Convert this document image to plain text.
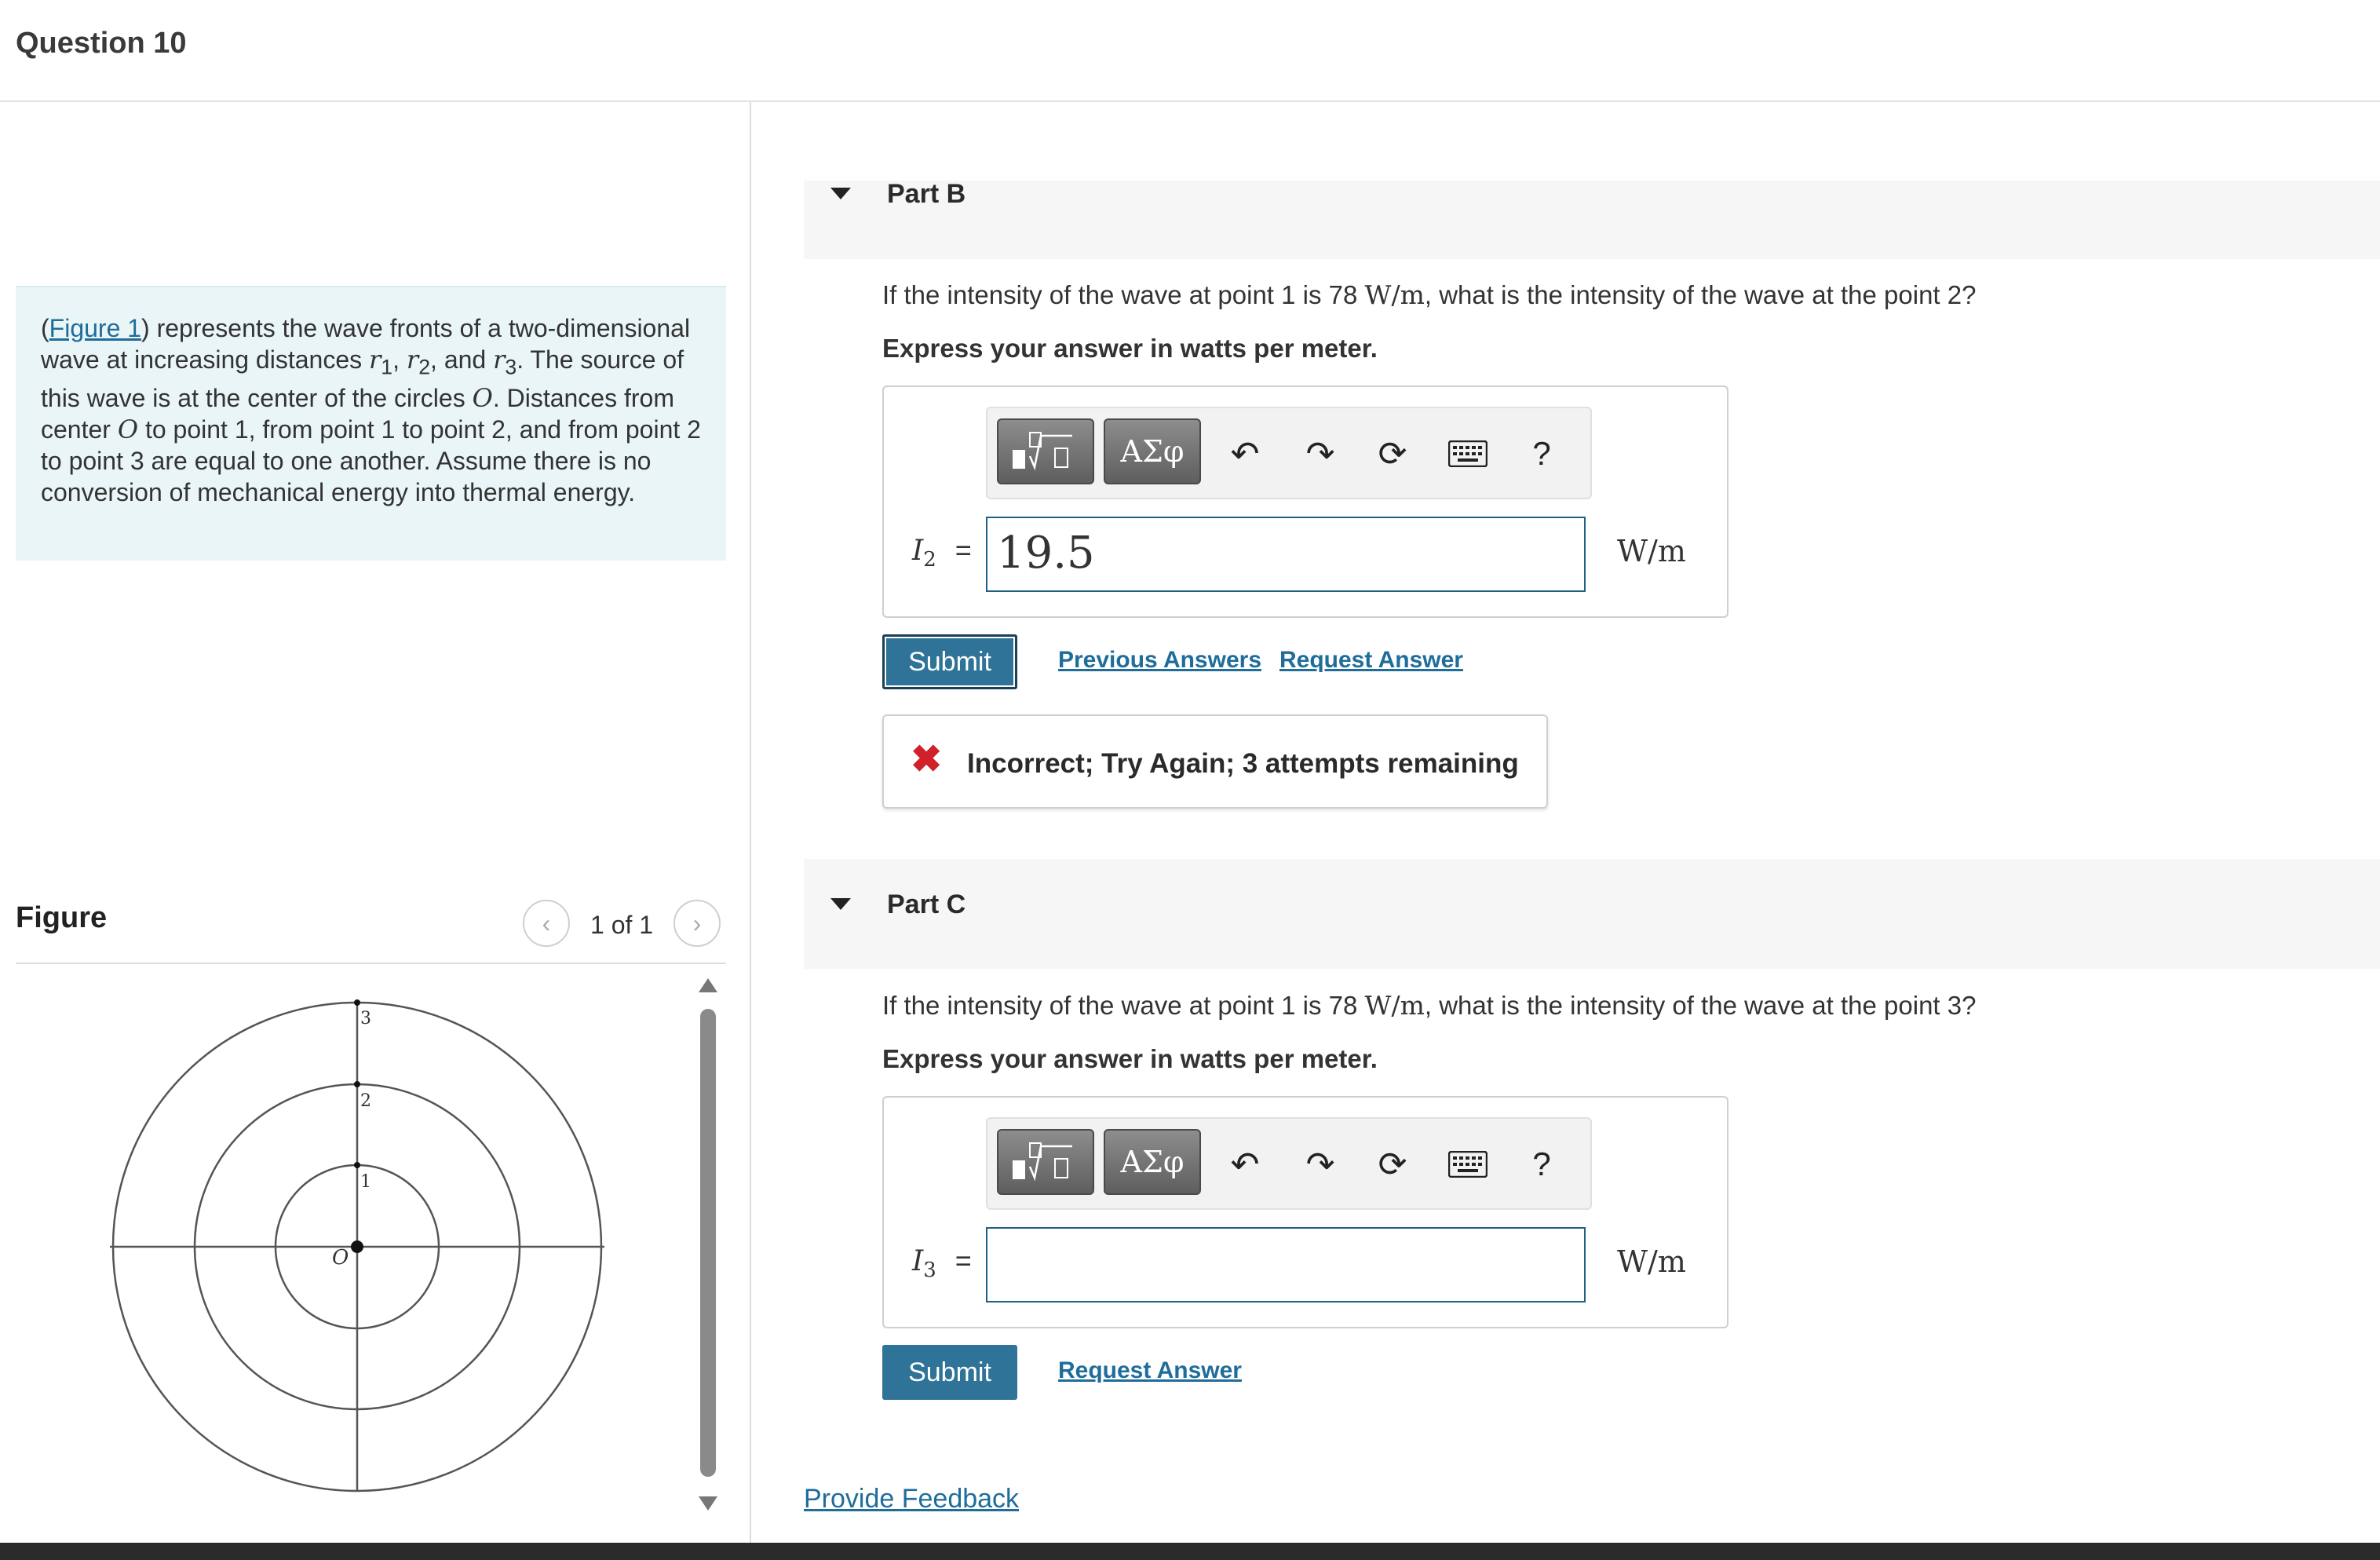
Question 10
(Figure 1) represents the wave fronts of a two-dimensional wave at increasing distances $r_1$, $r_2$, and $r_3$. The source of this wave is at the center of the circles O. Distances from center O to point 1, from point 1 to point 2, and from point 2 to point 3 are equal to one another. Assume there is no conversion of mechanical energy into thermal energy.
Figure	‹ 1 of 1 ›
O
1
2
3
Part B
If the intensity of the wave at point 1 is 78 W/m, what is the intensity of the wave at the point 2?
Express your answer in watts per meter.
ΑΣφ	↶ ↷ ⟳	?
$I_2 = 19.5$	W/m
Submit	Previous Answers Request Answer
✖ Incorrect; Try Again; 3 attempts remaining
Part C
If the intensity of the wave at point 1 is 78 W/m, what is the intensity of the wave at the point 3?
Express your answer in watts per meter.
ΑΣφ	↶ ↷ ⟳	?
$I_3$ =	W/m
Submit	Request Answer
Provide Feedback
